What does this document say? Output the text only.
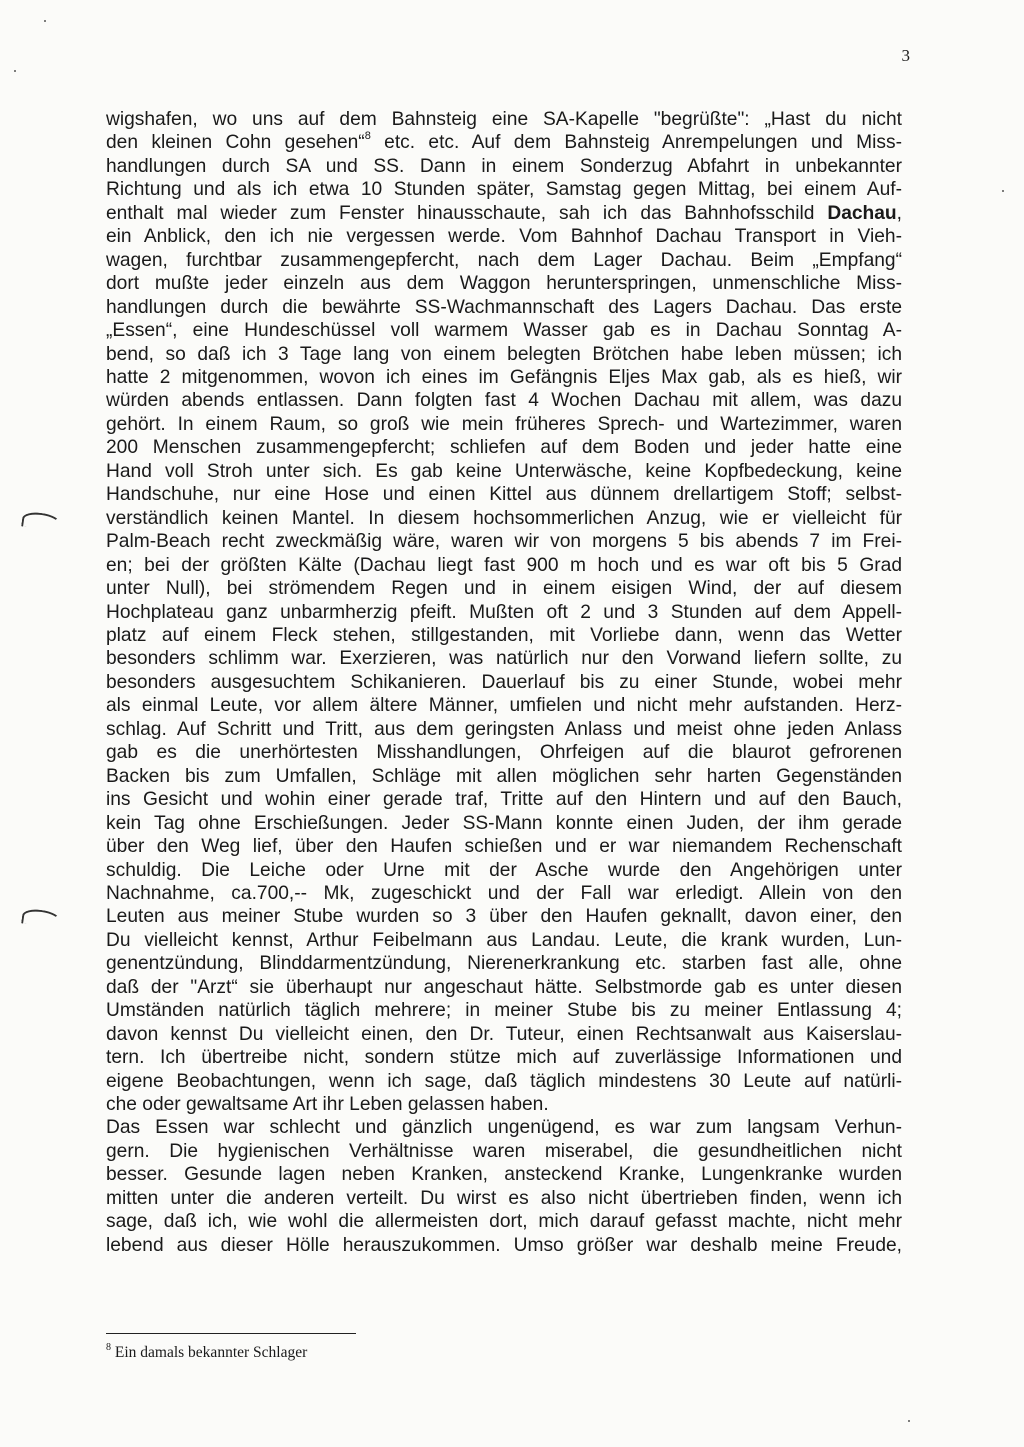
3
wigshafen, wo uns auf dem Bahnsteig eine SA-Kapelle "begrüßte": „Hast du nicht
den kleinen Cohn gesehen“$^8$ etc. etc. Auf dem Bahnsteig Anrempelungen und Miss-
handlungen durch SA und SS. Dann in einem Sonderzug Abfahrt in unbekannter
Richtung und als ich etwa 10 Stunden später, Samstag gegen Mittag, bei einem Auf-
enthalt mal wieder zum Fenster hinausschaute, sah ich das Bahnhofsschild Dachau,
ein Anblick, den ich nie vergessen werde. Vom Bahnhof Dachau Transport in Vieh-
wagen, furchtbar zusammengepfercht, nach dem Lager Dachau. Beim „Empfang“
dort mußte jeder einzeln aus dem Waggon herunterspringen, unmenschliche Miss-
handlungen durch die bewährte SS-Wachmannschaft des Lagers Dachau. Das erste
„Essen“, eine Hundeschüssel voll warmem Wasser gab es in Dachau Sonntag A-
bend, so daß ich 3 Tage lang von einem belegten Brötchen habe leben müssen; ich
hatte 2 mitgenommen, wovon ich eines im Gefängnis Eljes Max gab, als es hieß, wir
würden abends entlassen. Dann folgten fast 4 Wochen Dachau mit allem, was dazu
gehört. In einem Raum, so groß wie mein früheres Sprech- und Wartezimmer, waren
200 Menschen zusammengepfercht; schliefen auf dem Boden und jeder hatte eine
Hand voll Stroh unter sich. Es gab keine Unterwäsche, keine Kopfbedeckung, keine
Handschuhe, nur eine Hose und einen Kittel aus dünnem drellartigem Stoff; selbst-
verständlich keinen Mantel. In diesem hochsommerlichen Anzug, wie er vielleicht für
Palm-Beach recht zweckmäßig wäre, waren wir von morgens 5 bis abends 7 im Frei-
en; bei der größten Kälte (Dachau liegt fast 900 m hoch und es war oft bis 5 Grad
unter Null), bei strömendem Regen und in einem eisigen Wind, der auf diesem
Hochplateau ganz unbarmherzig pfeift. Mußten oft 2 und 3 Stunden auf dem Appell-
platz auf einem Fleck stehen, stillgestanden, mit Vorliebe dann, wenn das Wetter
besonders schlimm war. Exerzieren, was natürlich nur den Vorwand liefern sollte, zu
besonders ausgesuchtem Schikanieren. Dauerlauf bis zu einer Stunde, wobei mehr
als einmal Leute, vor allem ältere Männer, umfielen und nicht mehr aufstanden. Herz-
schlag. Auf Schritt und Tritt, aus dem geringsten Anlass und meist ohne jeden Anlass
gab es die unerhörtesten Misshandlungen, Ohrfeigen auf die blaurot gefrorenen
Backen bis zum Umfallen, Schläge mit allen möglichen sehr harten Gegenständen
ins Gesicht und wohin einer gerade traf, Tritte auf den Hintern und auf den Bauch,
kein Tag ohne Erschießungen. Jeder SS-Mann konnte einen Juden, der ihm gerade
über den Weg lief, über den Haufen schießen und er war niemandem Rechenschaft
schuldig. Die Leiche oder Urne mit der Asche wurde den Angehörigen unter
Nachnahme, ca.700,-- Mk, zugeschickt und der Fall war erledigt. Allein von den
Leuten aus meiner Stube wurden so 3 über den Haufen geknallt, davon einer, den
Du vielleicht kennst, Arthur Feibelmann aus Landau. Leute, die krank wurden, Lun-
genentzündung, Blinddarmentzündung, Nierenerkrankung etc. starben fast alle, ohne
daß der "Arzt“ sie überhaupt nur angeschaut hätte. Selbstmorde gab es unter diesen
Umständen natürlich täglich mehrere; in meiner Stube bis zu meiner Entlassung 4;
davon kennst Du vielleicht einen, den Dr. Tuteur, einen Rechtsanwalt aus Kaiserslau-
tern. Ich übertreibe nicht, sondern stütze mich auf zuverlässige Informationen und
eigene Beobachtungen, wenn ich sage, daß täglich mindestens 30 Leute auf natürli-
che oder gewaltsame Art ihr Leben gelassen haben.
Das Essen war schlecht und gänzlich ungenügend, es war zum langsam Verhun-
gern. Die hygienischen Verhältnisse waren miserabel, die gesundheitlichen nicht
besser. Gesunde lagen neben Kranken, ansteckend Kranke, Lungenkranke wurden
mitten unter die anderen verteilt. Du wirst es also nicht übertrieben finden, wenn ich
sage, daß ich, wie wohl die allermeisten dort, mich darauf gefasst machte, nicht mehr
lebend aus dieser Hölle herauszukommen. Umso größer war deshalb meine Freude,
$^8$ Ein damals bekannter Schlager
